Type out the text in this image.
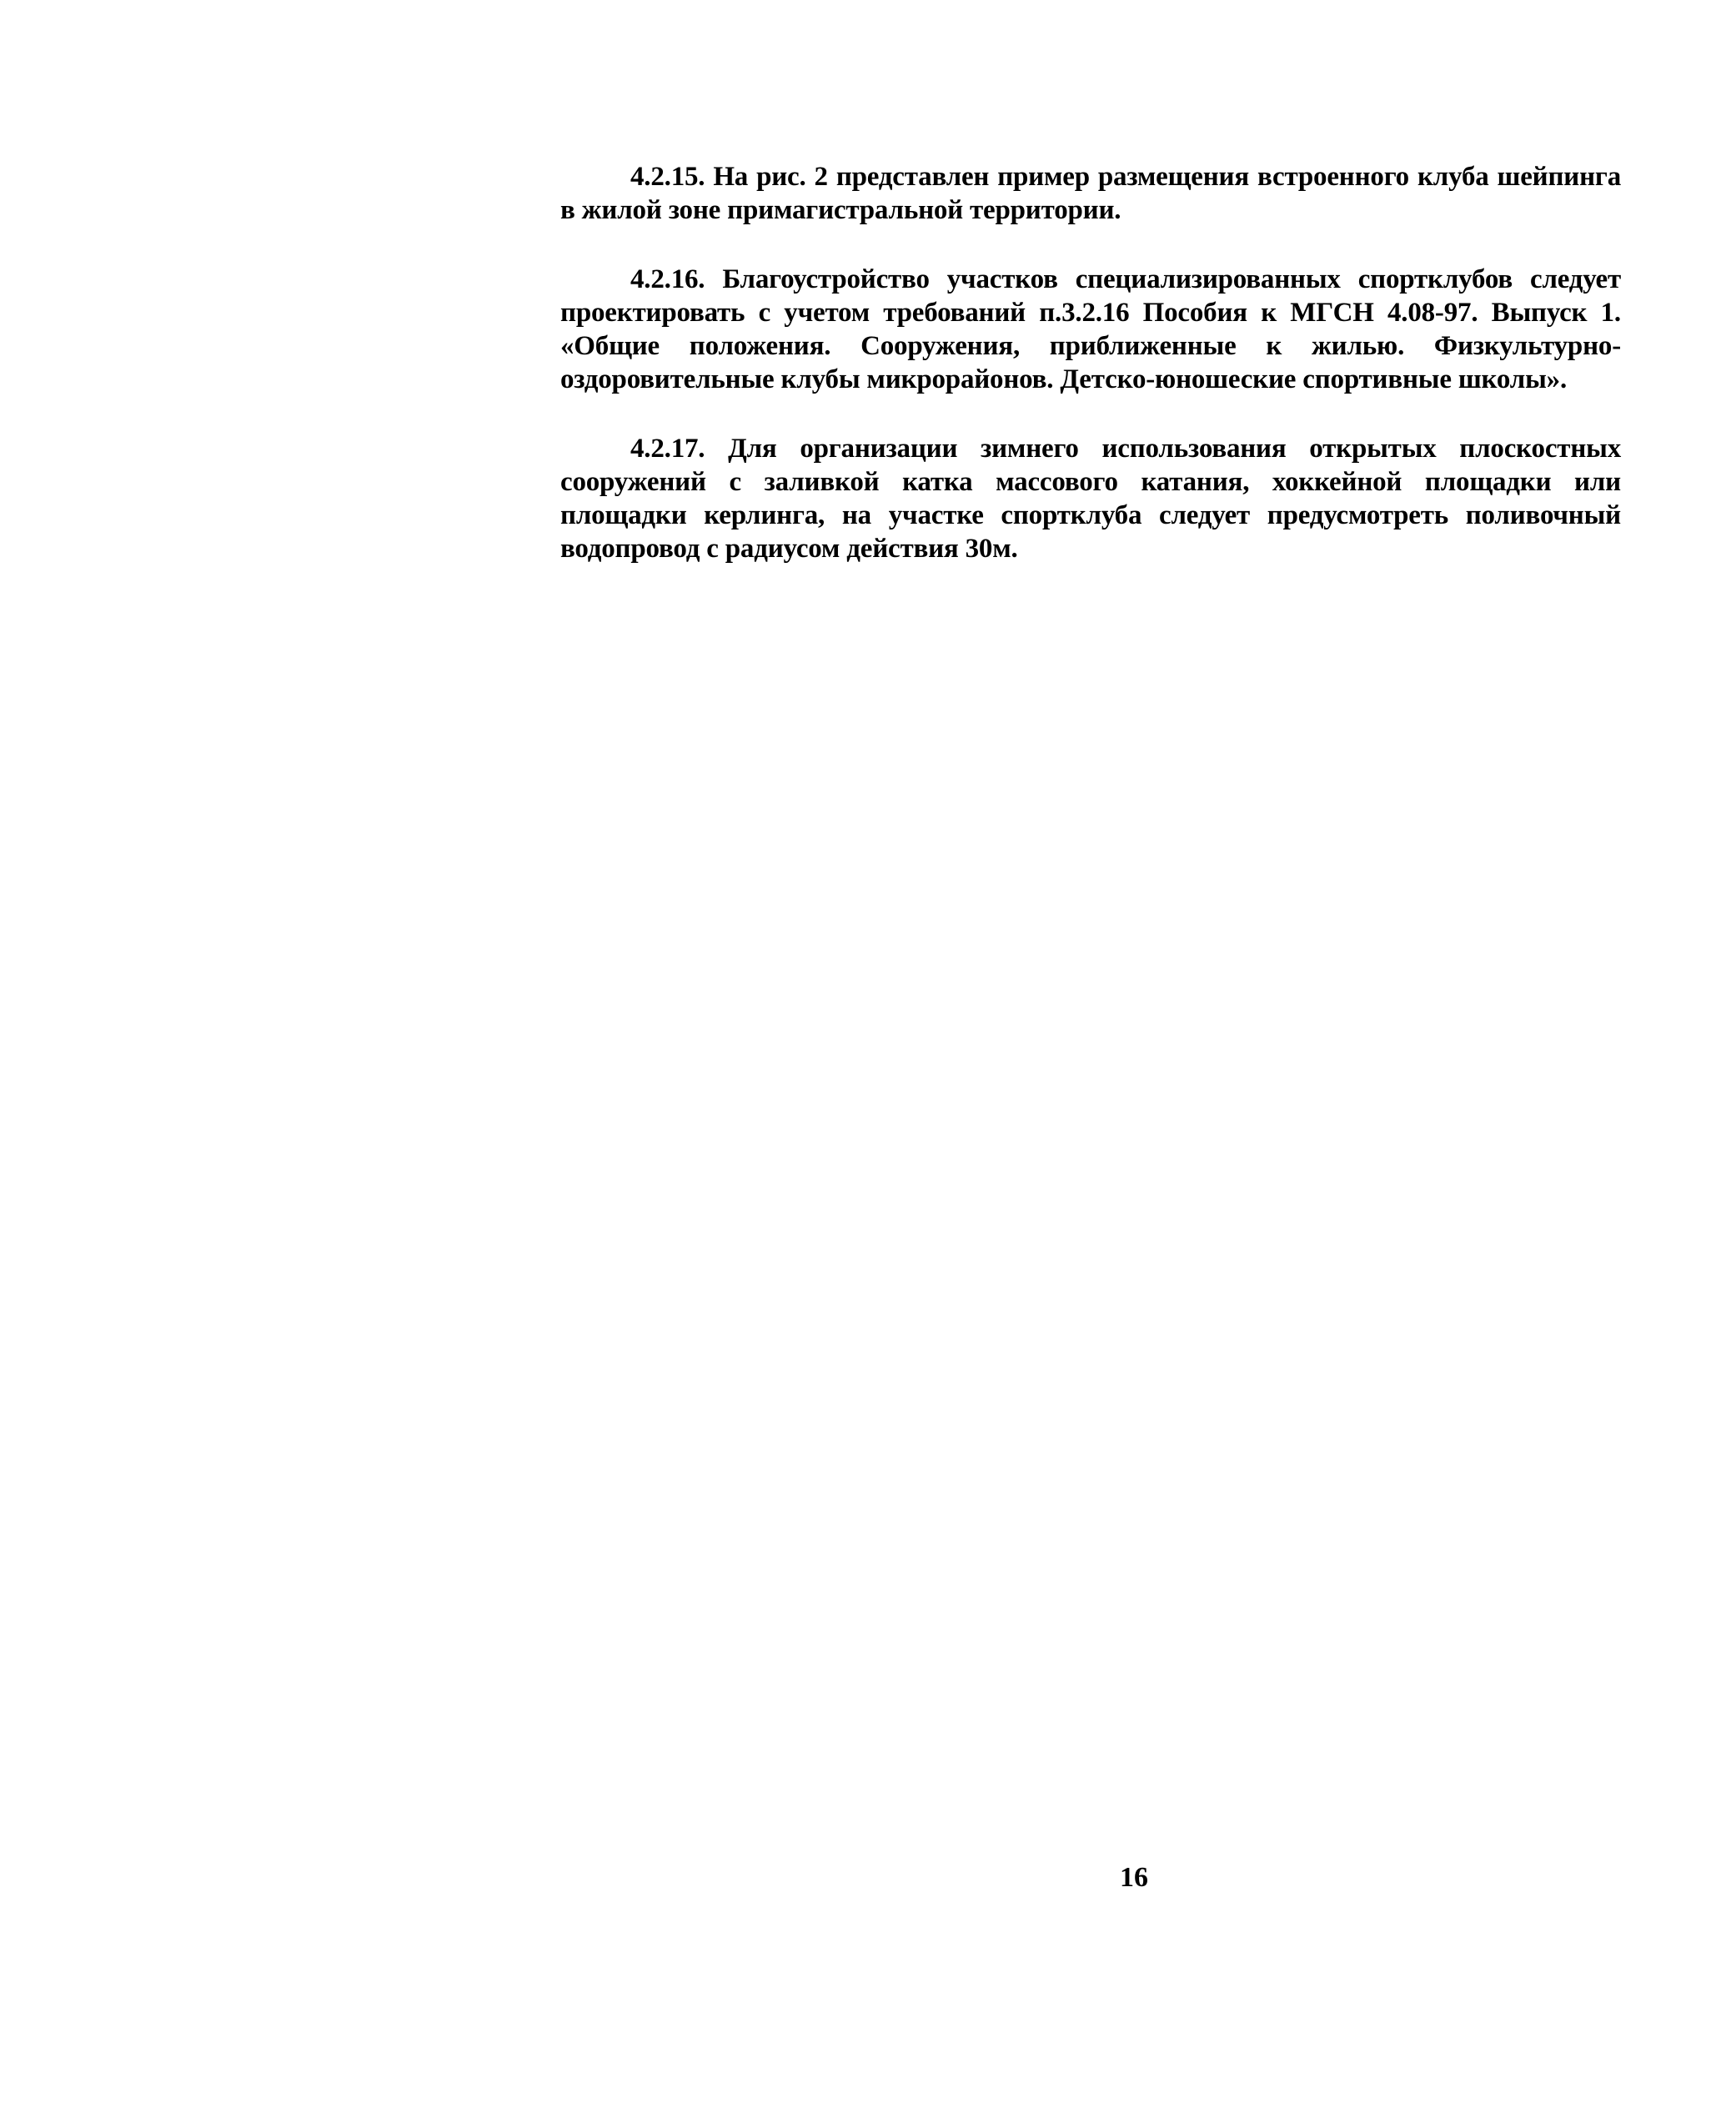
4.2.15. На рис. 2 представлен пример размещения встроенного клуба шейпинга в жилой зоне примагистральной территории.

4.2.16. Благоустройство участков специализированных спортклубов следует проектировать с учетом требований п.3.2.16 Пособия к МГСН 4.08-97. Выпуск 1. «Общие положения. Сооружения, приближенные к жилью. Физкультурно-оздоровительные клубы микрорайонов. Детско-юношеские спортивные школы».

4.2.17. Для организации зимнего использования открытых плоскостных сооружений с заливкой катка массового катания, хоккейной площадки или площадки керлинга, на участке спортклуба следует предусмотреть поливочный водопровод с радиусом действия 30м.

16
